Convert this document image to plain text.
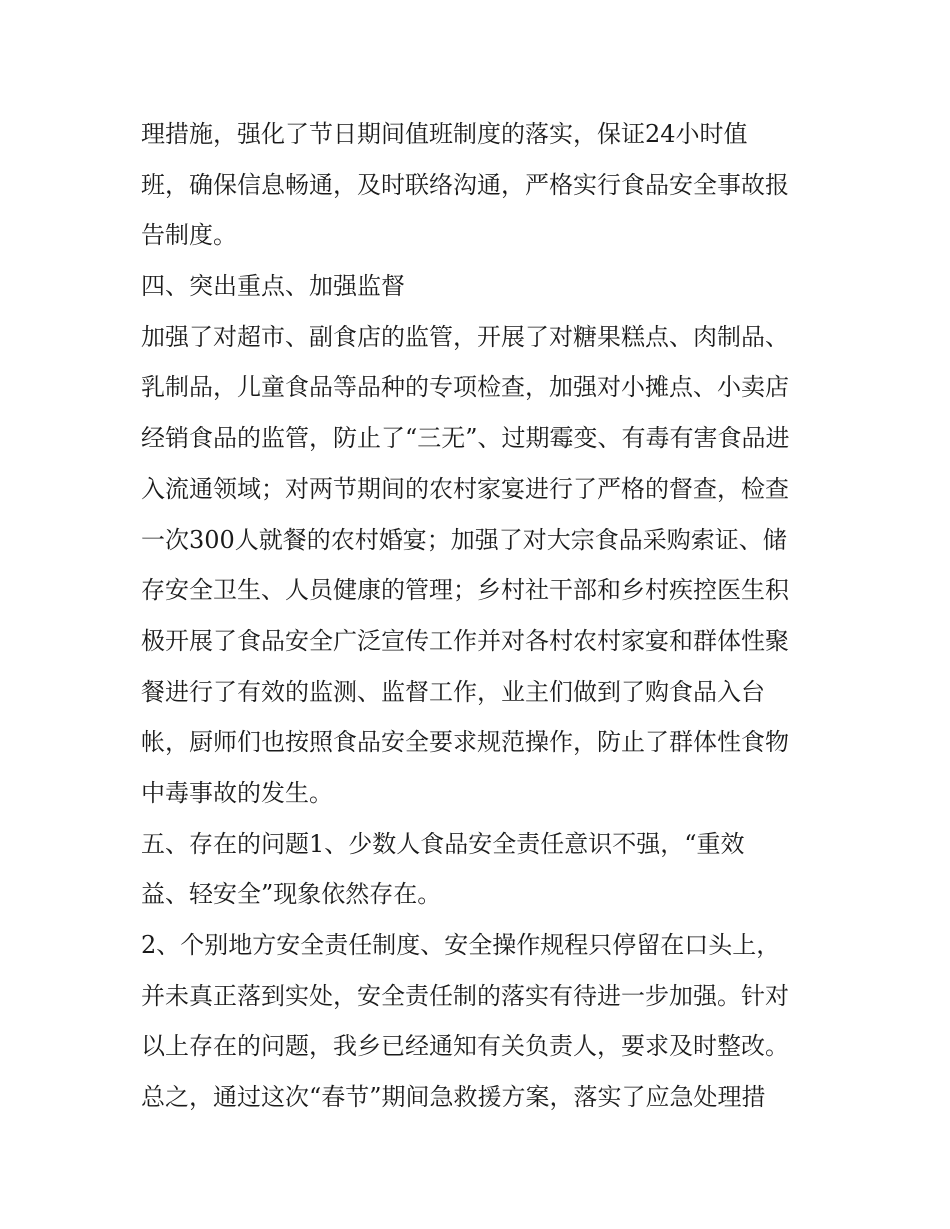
理措施，强化了节日期间值班制度的落实，保证24小时值
班，确保信息畅通，及时联络沟通，严格实行食品安全事故报
告制度。
四、突出重点、加强监督
加强了对超市、副食店的监管，开展了对糖果糕点、肉制品、
乳制品，儿童食品等品种的专项检查，加强对小摊点、小卖店
经销食品的监管，防止了“三无”、过期霉变、有毒有害食品进
入流通领域；对两节期间的农村家宴进行了严格的督查，检查
一次300人就餐的农村婚宴；加强了对大宗食品采购索证、储
存安全卫生、人员健康的管理；乡村社干部和乡村疾控医生积
极开展了食品安全广泛宣传工作并对各村农村家宴和群体性聚
餐进行了有效的监测、监督工作，业主们做到了购食品入台
帐，厨师们也按照食品安全要求规范操作，防止了群体性食物
中毒事故的发生。
五、存在的问题1、少数人食品安全责任意识不强，“重效
益、轻安全”现象依然存在。
2、个别地方安全责任制度、安全操作规程只停留在口头上，
并未真正落到实处，安全责任制的落实有待进一步加强。针对
以上存在的问题，我乡已经通知有关负责人，要求及时整改。
总之，通过这次“春节”期间急救援方案，落实了应急处理措
